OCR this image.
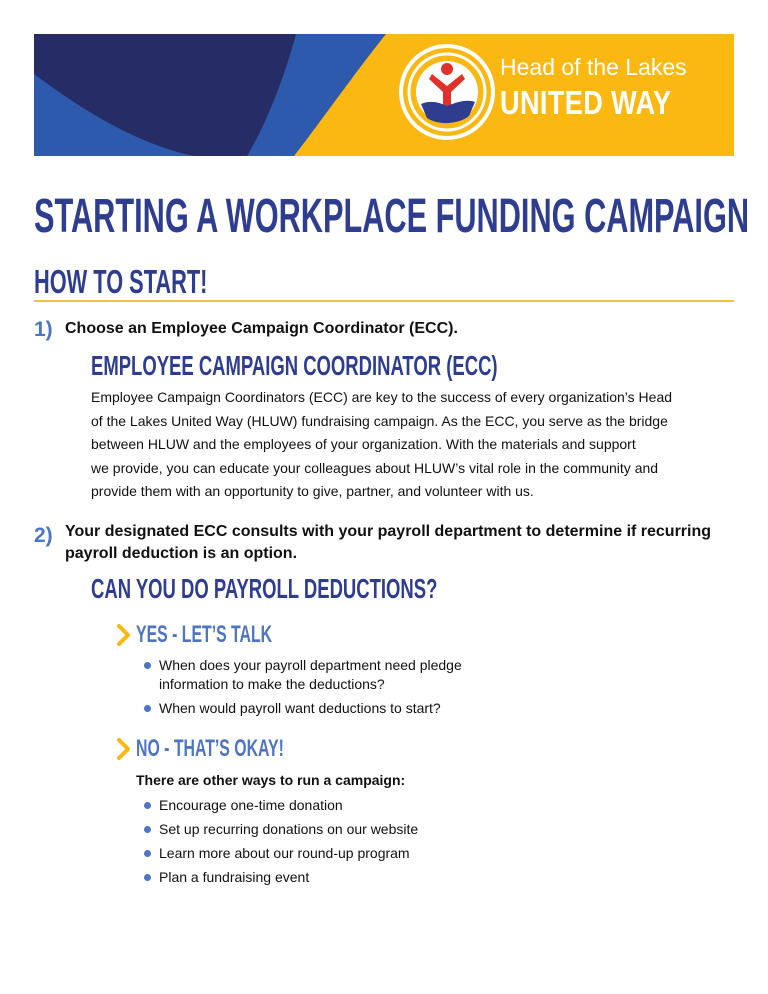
Head of the Lakes
UNITED WAY
STARTING A WORKPLACE FUNDING CAMPAIGN
HOW TO START!
1) Choose an Employee Campaign Coordinator (ECC).
EMPLOYEE CAMPAIGN COORDINATOR (ECC)
Employee Campaign Coordinators (ECC) are key to the success of every organization’s Head
of the Lakes United Way (HLUW) fundraising campaign. As the ECC, you serve as the bridge
between HLUW and the employees of your organization. With the materials and support
we provide, you can educate your colleagues about HLUW’s vital role in the community and
provide them with an opportunity to give, partner, and volunteer with us.
2) Your designated ECC consults with your payroll department to determine if recurring
payroll deduction is an option.
CAN YOU DO PAYROLL DEDUCTIONS?
YES - LET’S TALK
When does your payroll department need pledge
information to make the deductions?
When would payroll want deductions to start?
NO - THAT’S OKAY!
There are other ways to run a campaign:
Encourage one-time donation
Set up recurring donations on our website
Learn more about our round-up program
Plan a fundraising event
